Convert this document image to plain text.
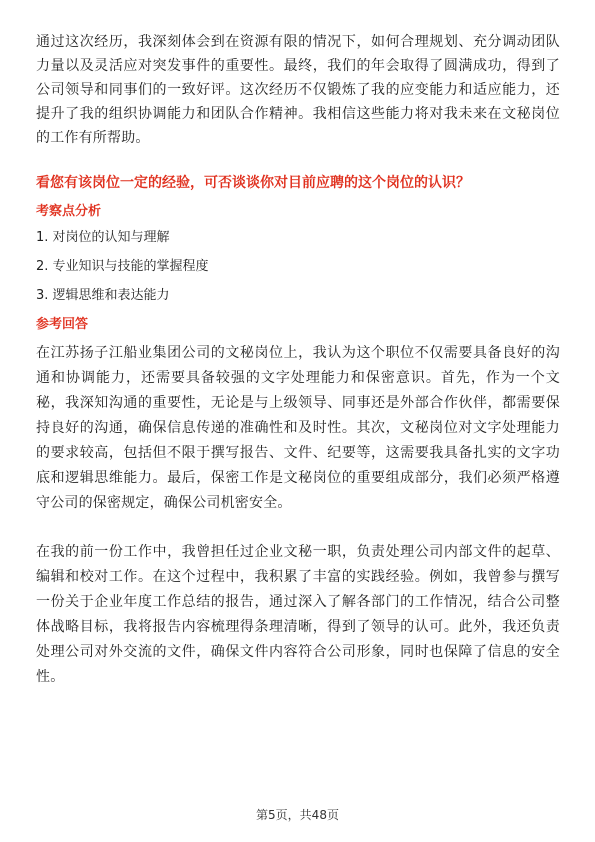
通过这次经历，我深刻体会到在资源有限的情况下，如何合理规划、充分调动团队力量以及灵活应对突发事件的重要性。最终，我们的年会取得了圆满成功，得到了公司领导和同事们的一致好评。这次经历不仅锻炼了我的应变能力和适应能力，还提升了我的组织协调能力和团队合作精神。我相信这些能力将对我未来在文秘岗位的工作有所帮助。

看您有该岗位一定的经验，可否谈谈你对目前应聘的这个岗位的认识？

考察点分析
1. 对岗位的认知与理解
2. 专业知识与技能的掌握程度
3. 逻辑思维和表达能力
参考回答

在江苏扬子江船业集团公司的文秘岗位上，我认为这个职位不仅需要具备良好的沟通和协调能力，还需要具备较强的文字处理能力和保密意识。首先，作为一个文秘，我深知沟通的重要性，无论是与上级领导、同事还是外部合作伙伴，都需要保持良好的沟通，确保信息传递的准确性和及时性。其次，文秘岗位对文字处理能力的要求较高，包括但不限于撰写报告、文件、纪要等，这需要我具备扎实的文字功底和逻辑思维能力。最后，保密工作是文秘岗位的重要组成部分，我们必须严格遵守公司的保密规定，确保公司机密安全。

在我的前一份工作中，我曾担任过企业文秘一职，负责处理公司内部文件的起草、编辑和校对工作。在这个过程中，我积累了丰富的实践经验。例如，我曾参与撰写一份关于企业年度工作总结的报告，通过深入了解各部门的工作情况，结合公司整体战略目标，我将报告内容梳理得条理清晰，得到了领导的认可。此外，我还负责处理公司对外交流的文件，确保文件内容符合公司形象，同时也保障了信息的安全性。

第5页，共48页
